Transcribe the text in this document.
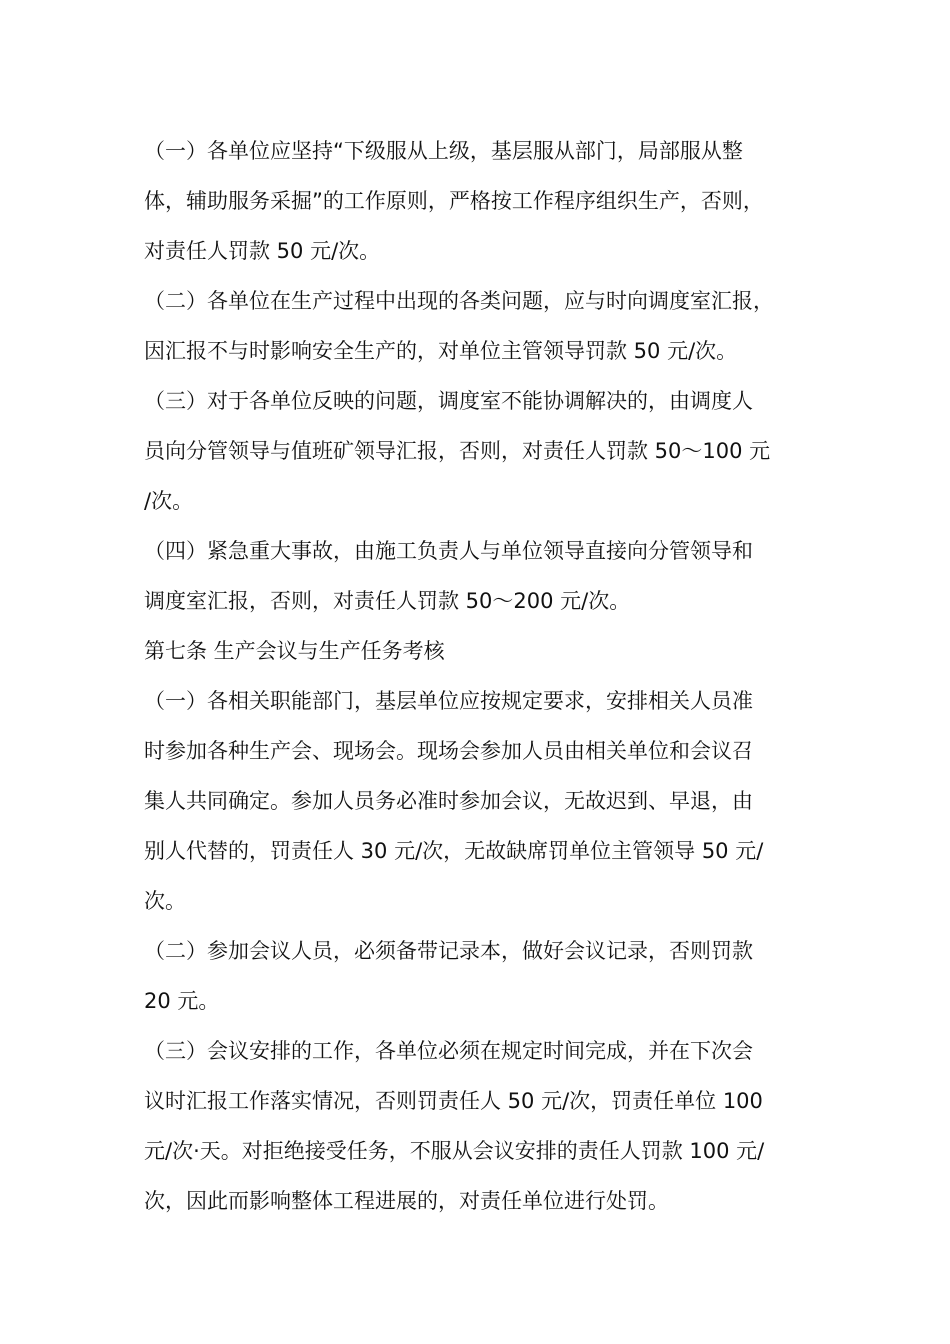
（一）各单位应坚持“下级服从上级，基层服从部门，局部服从整
体，辅助服务采掘”的工作原则，严格按工作程序组织生产，否则，
对责任人罚款 50 元/次。
（二）各单位在生产过程中出现的各类问题，应与时向调度室汇报，
因汇报不与时影响安全生产的，对单位主管领导罚款 50 元/次。
（三）对于各单位反映的问题，调度室不能协调解决的，由调度人
员向分管领导与值班矿领导汇报，否则，对责任人罚款 50～100 元
/次。
（四）紧急重大事故，由施工负责人与单位领导直接向分管领导和
调度室汇报，否则，对责任人罚款 50～200 元/次。
第七条 生产会议与生产任务考核
（一）各相关职能部门，基层单位应按规定要求，安排相关人员准
时参加各种生产会、现场会。现场会参加人员由相关单位和会议召
集人共同确定。参加人员务必准时参加会议，无故迟到、早退，由
别人代替的，罚责任人 30 元/次，无故缺席罚单位主管领导 50 元/
次。
（二）参加会议人员，必须备带记录本，做好会议记录，否则罚款
20 元。
（三）会议安排的工作，各单位必须在规定时间完成，并在下次会
议时汇报工作落实情况，否则罚责任人 50 元/次，罚责任单位 100
元/次·天。对拒绝接受任务，不服从会议安排的责任人罚款 100 元/
次，因此而影响整体工程进展的，对责任单位进行处罚。
